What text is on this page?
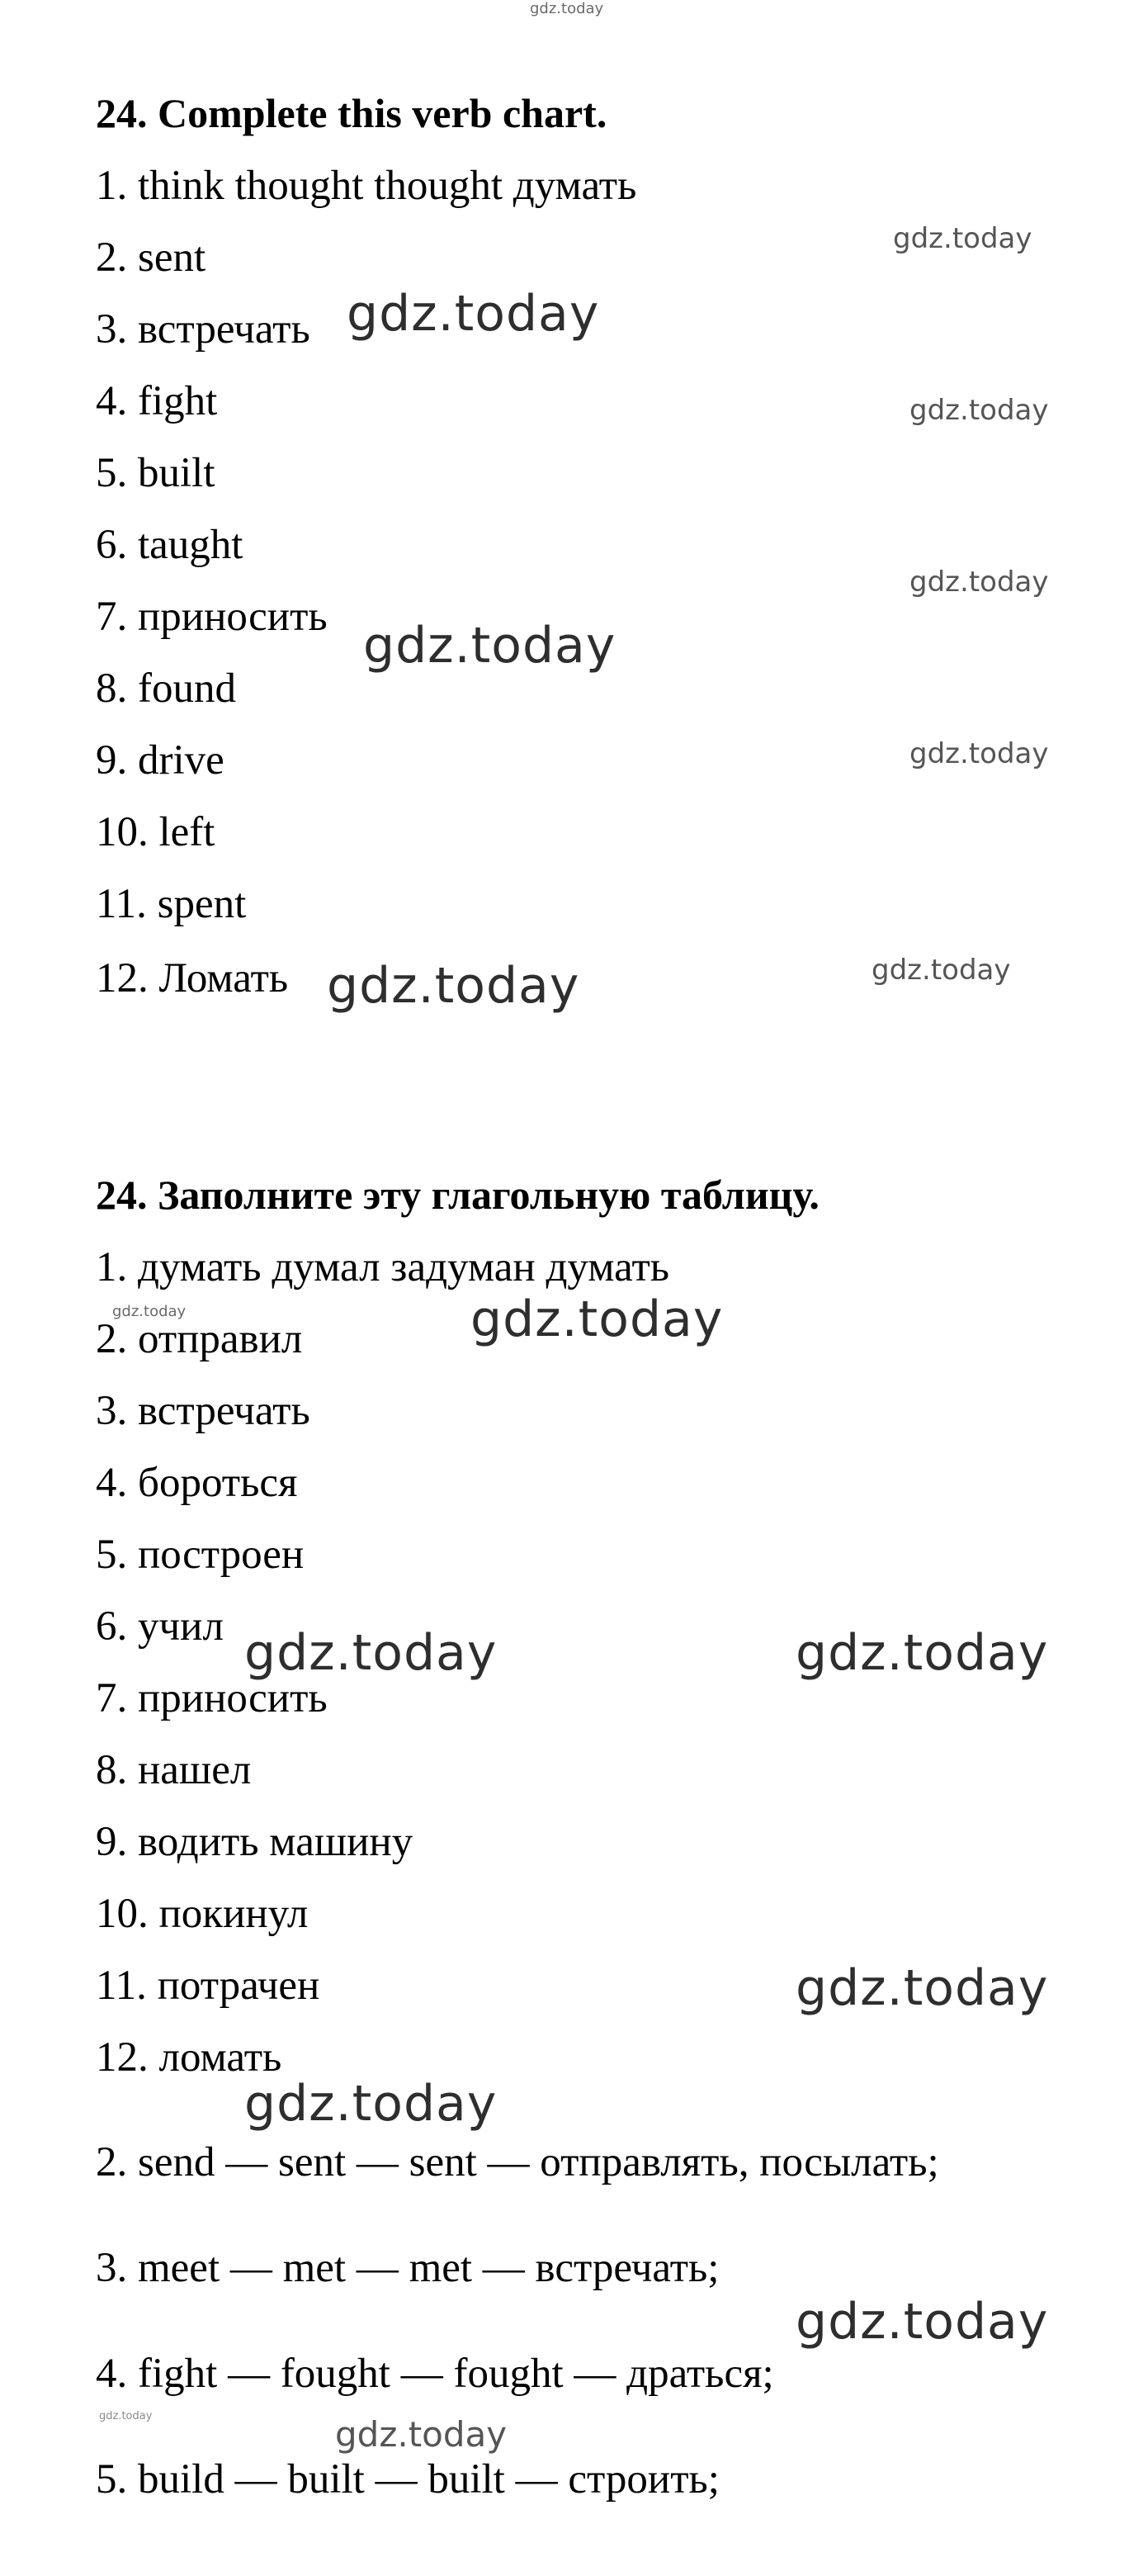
gdz.today
gdz.today
gdz.today
gdz.today
gdz.today
gdz.today
gdz.today
gdz.today	gdz.today
gdz.today
gdz.today
gdz.today	gdz.today
gdz.today
gdz.today
gdz.today
gdz.today	gdz.today
24. Complete this verb chart.

1. think thought thought думать

2. sent

3. встречать

4. fight

5. built

6. taught

7. приносить

8. found

9. drive

10. left

11. spent

12. Ломать

24. Заполните эту глагольную таблицу.

1. думать думал задуман думать

2. отправил

3. встречать

4. бороться

5. построен

6. учил

7. приносить

8. нашел

9. водить машину

10. покинул

11. потрачен

12. ломать

2. send — sent — sent — отправлять, посылать;

3. meet — met — met — встречать;

4. fight — fought — fought — драться;

5. build — built — built — строить;
